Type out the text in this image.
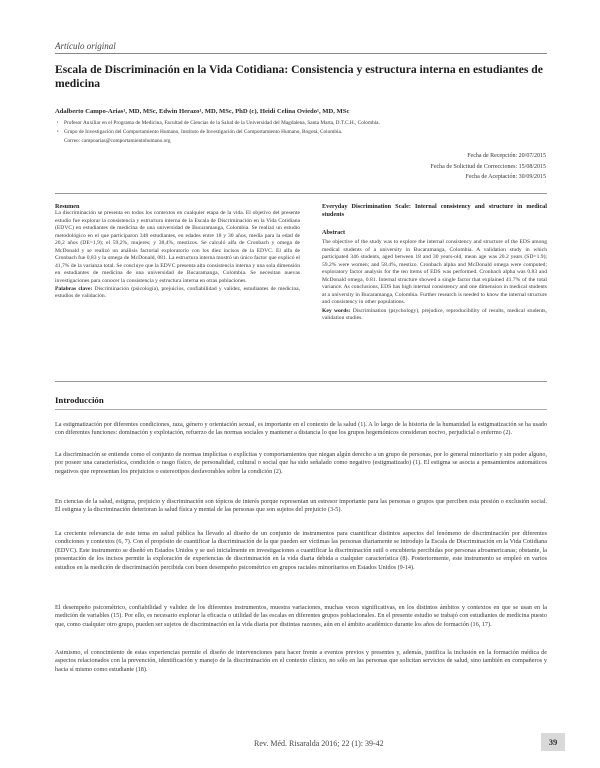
Artículo original
Escala de Discriminación en la Vida Cotidiana: Consistencia y estructura interna en estudiantes de medicina
Adalberto Campo-Arias¹, MD, MSc, Edwin Herazo¹, MD, MSc, PhD (c), Heidi Celina Oviedo¹, MD, MSc
¹ Profesor Auxiliar en el Programa de Medicina, Facultad de Ciencias de la Salud de la Universidad del Magdalena, Santa Marta, D.T.C.H., Colombia.
² Grupo de Investigación del Comportamiento Humano, Instituto de Investigación del Comportamiento Humano, Bogotá, Colombia.
Correo: campoarias@comportamientohumano.org
Fecha de Recepción: 20/07/2015
Fecha de Solicitud de Correcciones: 15/08/2015
Fecha de Aceptación: 30/09/2015
Resumen
La discriminación se presenta en todos los contextos en cualquier etapa de la vida. El objetivo del presente estudio fue explorar la consistencia y estructura interna de la Escala de Discriminación en la Vida Cotidiana (EDVC) en estudiantes de medicina de una universidad de Bucaramanga, Colombia. Se realizó un estudio metodológico en el que participaron 348 estudiantes, en edades entre 18 y 30 años, media para la edad de 20,2 años (DE=1,9); el 59,2%, mujeres; y 38,4%, mestizos. Se calculó alfa de Cronbach y omega de McDonald y se realizó un análisis factorial exploratorio con los diez incisos de la EDVC. El alfa de Cronbach fue 0,83 y la omega de McDonald, 081. La estructura interna mostró un único factor que explicó el 41,7% de la varianza total. Se concluye que la EDVC presenta alta consistencia interna y una sola dimensión en estudiantes de medicina de una universidad de Bucaramanga, Colombia. Se necesitan nuevas investigaciones para conocer la consistencia y estructura interna en otras poblaciones.
Palabras clave: Discriminación (psicología), prejuicios, confiabilidad y validez, estudiantes de medicina, estudios de validación.
Everyday Discrimination Scale: Internal consistency and structure in medical students
Abstract
The objective of the study was to explore the internal consistency and structure of the EDS among medical students of a university in Bucaramanga, Colombia. A validation study in which participated 346 students, aged between 18 and 30 years-old, mean age was 20.2 years (SD=1.9); 59.2% were women; and 58.4%, mestizo. Cronbach alpha and McDonald omega were computed; exploratory factor analysis for the ten items of EDS was performed. Cronbach alpha was 0.83 and McDonald omega, 0.81. Internal structure showed a single factor that explained 41.7% of the total variance. As conclusions, EDS has high internal consistency and one dimension in medical students at a university in Bucaramanga, Colombia. Further research is needed to know the internal structure and consistency in other populations.
Key words: Discrimination (psychology), prejudice, reproducibility of results, medical students, validation studies.
Introducción
La estigmatización por diferentes condiciones, raza, género y orientación sexual, es importante en el contexto de la salud (1). A lo largo de la historia de la humanidad la estigmatización se ha usado con diferentes funciones: dominación y explotación, refuerzo de las normas sociales y mantener a distancia lo que los grupos hegemónicos consideran nocivo, perjudicial o enfermo (2).
La discriminación se entiende como el conjunto de normas implícitas o explícitas y comportamientos que niegan algún derecho a un grupo de personas, por lo general minoritario y sin poder alguno, por poseer una característica, condición o rasgo físico, de personalidad, cultural o social que ha sido señalado como negativo (estigmatizado) (1). El estigma se asocia a pensamientos automáticos negativos que representan los prejuicios o estereotipos desfavorables sobre la condición (2).
En ciencias de la salud, estigma, prejuicio y discriminación son tópicos de interés porque representan un estresor importante para las personas o grupos que perciben esta presión o exclusión social. El estigma y la discriminación deterioran la salud física y mental de las personas que son sujetos del prejuicio (3-5).
La creciente relevancia de este tema en salud pública ha llevado al diseño de un conjunto de instrumentos para cuantificar distintos aspectos del fenómeno de discriminación por diferentes condiciones y contextos (6, 7). Con el propósito de cuantificar la discriminación de la que pueden ser víctimas las personas diariamente se introdujo la Escala de Discriminación en la Vida Cotidiana (EDVC). Este instrumento se diseñó en Estados Unidos y se usó inicialmente en investigaciones a cuantificar la discriminación sutil o encubierta percibidas por personas afroamericanas; obstante, la presentación de los incisos permite la exploración de experiencias de discriminación en la vida diaria debida a cualquier característica (8). Posteriormente, este instrumento se empleó en varios estudios en la medición de discriminación percibida con buen desempeño psicométrico en grupos raciales minoritarios en Estados Unidos (9-14).
El desempeño psicométrico, confiabilidad y validez de los diferentes instrumentos, muestra variaciones, muchas veces significativas, en los distintos ámbitos y contextos en que se usan en la medición de variables (15). Por ello, es necesario explorar la eficacia o utilidad de las escalas en diferentes grupos poblacionales. En el presente estudio se trabajó con estudiantes de medicina puesto que, como cualquier otro grupo, pueden ser sujetos de discriminación en la vida diaria por distintas razones, aún en el ámbito académico durante los años de formación (16, 17).
Asimismo, el conocimiento de estas experiencias permite el diseño de intervenciones para hacer frente a eventos previos y presentes y, además, justifica la inclusión en la formación médica de aspectos relacionados con la prevención, identificación y manejo de la discriminación en el contexto clínico, no sólo en las personas que solicitan servicios de salud, sino también en compañeros y hacia sí mismo como estudiante (18).
Rev. Méd. Risaralda 2016; 22 (1): 39-42	39
